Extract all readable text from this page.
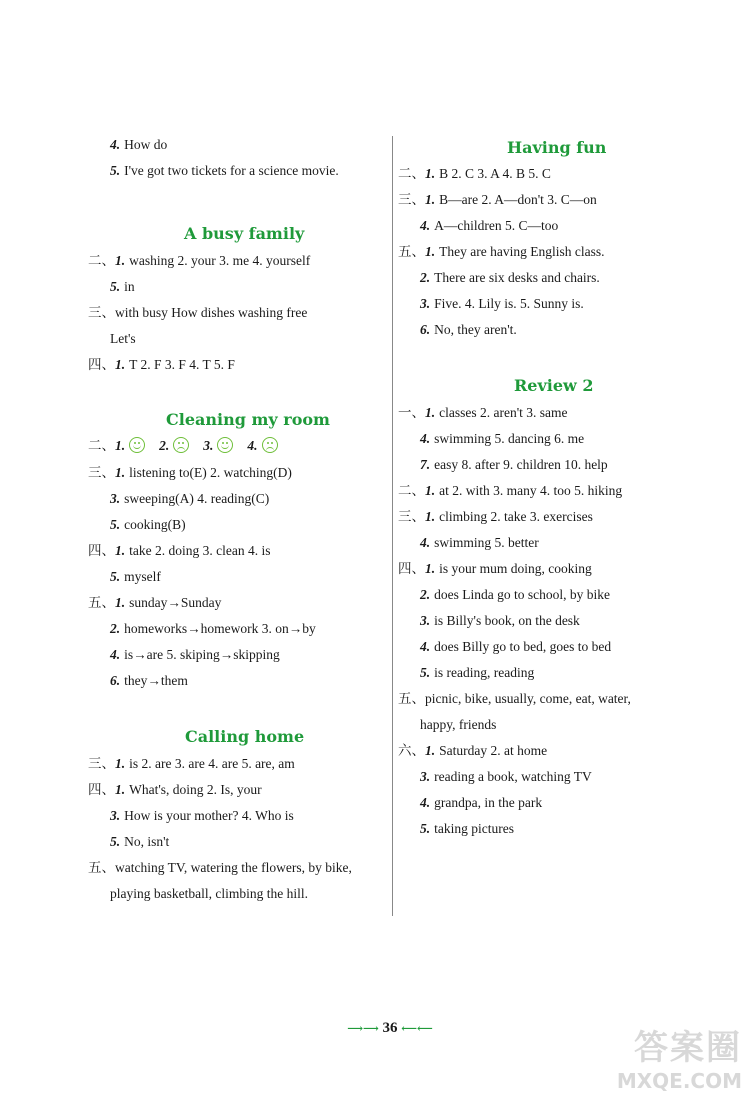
4. How do
5. I've got two tickets for a science movie.
A busy family
二、1. washing 2. your 3. me 4. yourself
5. in
三、with busy How dishes washing free
Let's
四、1. T 2. F 3. F 4. T 5. F
Cleaning my room
二、1.	2.	3.	4.
三、1. listening to(E) 2. watching(D)
3. sweeping(A) 4. reading(C)
5. cooking(B)
四、1. take 2. doing 3. clean 4. is
5. myself
五、1. sunday→Sunday
2. homeworks→homework 3. on→by
4. is→are 5. skiping→skipping
6. they→them
Calling home
三、1. is 2. are 3. are 4. are 5. are, am
四、1. What's, doing 2. Is, your
3. How is your mother? 4. Who is
5. No, isn't
五、watching TV, watering the flowers, by bike,
playing basketball, climbing the hill.
Having fun
二、1. B 2. C 3. A 4. B 5. C
三、1. B—are 2. A—don't 3. C—on
4. A—children 5. C—too
五、1. They are having English class.
2. There are six desks and chairs.
3. Five. 4. Lily is. 5. Sunny is.
6. No, they aren't.
Review 2
一、1. classes 2. aren't 3. same
4. swimming 5. dancing 6. me
7. easy 8. after 9. children 10. help
二、1. at 2. with 3. many 4. too 5. hiking
三、1. climbing 2. take 3. exercises
4. swimming 5. better
四、1. is your mum doing, cooking
2. does Linda go to school, by bike
3. is Billy's book, on the desk
4. does Billy go to bed, goes to bed
5. is reading, reading
五、picnic, bike, usually, come, eat, water,
happy, friends
六、1. Saturday 2. at home
3. reading a book, watching TV
4. grandpa, in the park
5. taking pictures
⟶⟶ 36 ⟵⟵	答案圈
MXQE.COM
